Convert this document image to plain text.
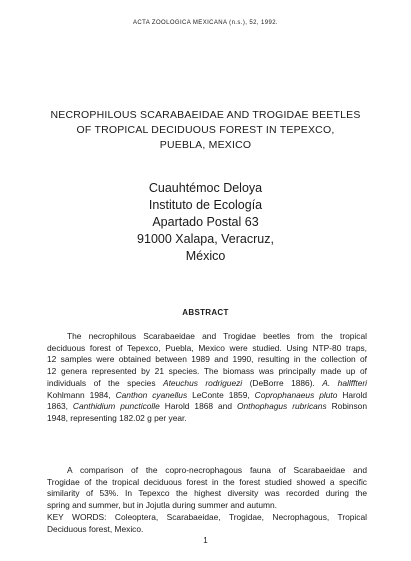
ACTA ZOOLOGICA MEXICANA (n.s.), 52, 1992.
NECROPHILOUS SCARABAEIDAE AND TROGIDAE BEETLES
OF TROPICAL DECIDUOUS FOREST IN TEPEXCO,
PUEBLA, MEXICO
Cuauhtémoc Deloya
Instituto de Ecología
Apartado Postal 63
91000 Xalapa, Veracruz,
México
ABSTRACT
The necrophilous Scarabaeidae and Trogidae beetles from the tropical
deciduous forest of Tepexco, Puebla, Mexico were studied. Using NTP-80 traps,
12 samples were obtained between 1989 and 1990, resulting in the collection of
12 genera represented by 21 species. The biomass was principally made up of
individuals of the species Ateuchus rodriguezi (DeBorre 1886). A. hallffteri
Kohlmann 1984, Canthon cyanellus LeConte 1859, Coprophanaeus pluto Harold
1863, Canthidium puncticolle Harold 1868 and Onthophagus rubricans Robinson
1948, representing 182.02 g per year.
A comparison of the copro-necrophagous fauna of Scarabaeidae and
Trogidae of the tropical deciduous forest in the forest studied showed a specific
similarity of 53%. In Tepexco the highest diversity was recorded during the
spring and summer, but in Jojutla during summer and autumn.
KEY WORDS: Coleoptera, Scarabaeidae, Trogidae, Necrophagous, Tropical
Deciduous forest, Mexico.
1
